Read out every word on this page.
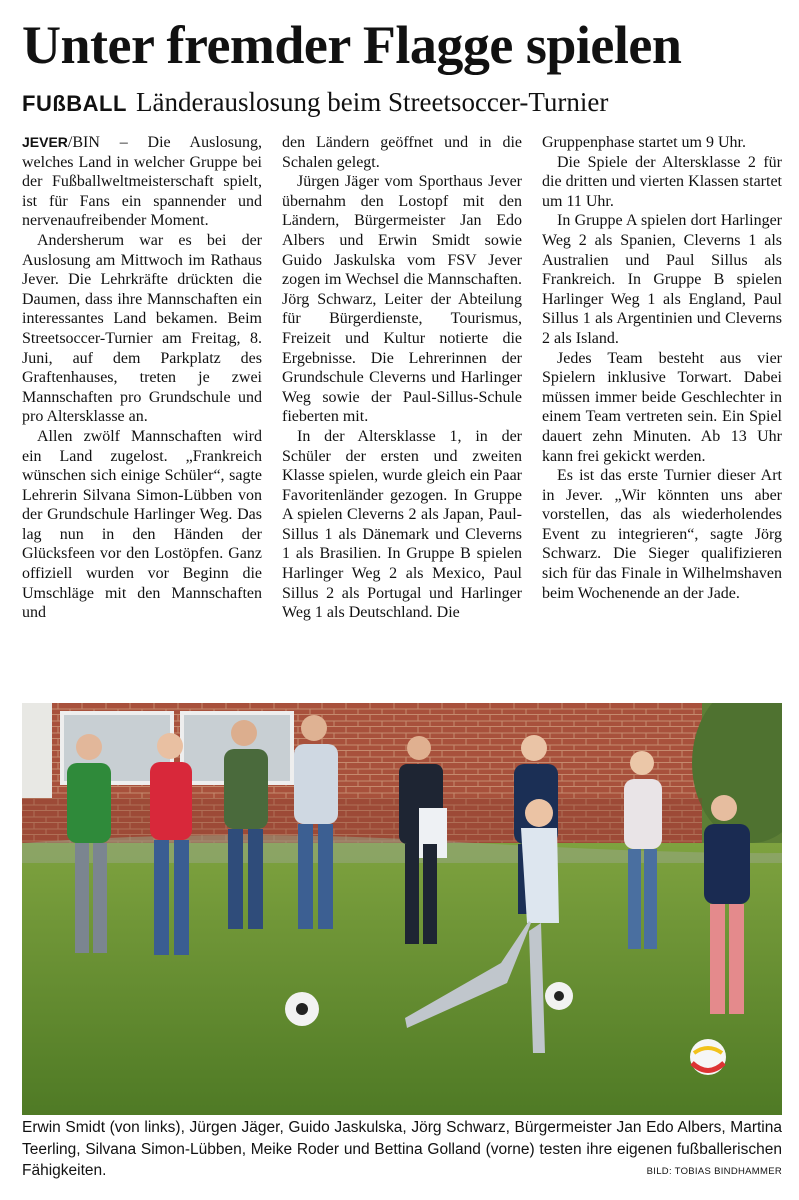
Unter fremder Flagge spielen
FUßBALL Länderauslosung beim Streetsoccer-Turnier

JEVER/BIN – Die Auslosung, welches Land in welcher Gruppe bei der Fußballweltmeisterschaft spielt, ist für Fans ein spannender und nervenaufreibender Moment.

Andersherum war es bei der Auslosung am Mittwoch im Rathaus Jever. Die Lehrkräfte drückten die Daumen, dass ihre Mannschaften ein interessantes Land bekamen. Beim Streetsoccer-Turnier am Freitag, 8. Juni, auf dem Parkplatz des Graftenhauses, treten je zwei Mannschaften pro Grundschule und pro Altersklasse an.

Allen zwölf Mannschaften wird ein Land zugelost. „Frankreich wünschen sich einige Schüler“, sagte Lehrerin Silvana Simon-Lübben von der Grundschule Harlinger Weg. Das lag nun in den Händen der Glücksfeen vor den Lostöpfen. Ganz offiziell wurden vor Beginn die Umschläge mit den Mannschaften und

den Ländern geöffnet und in die Schalen gelegt.

Jürgen Jäger vom Sporthaus Jever übernahm den Lostopf mit den Ländern, Bürgermeister Jan Edo Albers und Erwin Smidt sowie Guido Jaskulska vom FSV Jever zogen im Wechsel die Mannschaften. Jörg Schwarz, Leiter der Abteilung für Bürgerdienste, Tourismus, Freizeit und Kultur notierte die Ergebnisse. Die Lehrerinnen der Grundschule Cleverns und Harlinger Weg sowie der Paul-Sillus-Schule fieberten mit.

In der Altersklasse 1, in der Schüler der ersten und zweiten Klasse spielen, wurde gleich ein Paar Favoritenländer gezogen. In Gruppe A spielen Cleverns 2 als Japan, Paul-Sillus 1 als Dänemark und Cleverns 1 als Brasilien. In Gruppe B spielen Harlinger Weg 2 als Mexico, Paul Sillus 2 als Portugal und Harlinger Weg 1 als Deutschland. Die

Gruppenphase startet um 9 Uhr.

Die Spiele der Altersklasse 2 für die dritten und vierten Klassen startet um 11 Uhr.

In Gruppe A spielen dort Harlinger Weg 2 als Spanien, Cleverns 1 als Australien und Paul Sillus als Frankreich. In Gruppe B spielen Harlinger Weg 1 als England, Paul Sillus 1 als Argentinien und Cleverns 2 als Island.

Jedes Team besteht aus vier Spielern inklusive Torwart. Dabei müssen immer beide Geschlechter in einem Team vertreten sein. Ein Spiel dauert zehn Minuten. Ab 13 Uhr kann frei gekickt werden.

Es ist das erste Turnier dieser Art in Jever. „Wir könnten uns aber vorstellen, das als wiederholendes Event zu integrieren“, sagte Jörg Schwarz. Die Sieger qualifizieren sich für das Finale in Wilhelmshaven beim Wochenende an der Jade.

Erwin Smidt (von links), Jürgen Jäger, Guido Jaskulska, Jörg Schwarz, Bürgermeister Jan Edo Albers, Martina Teerling, Silvana Simon-Lübben, Meike Roder und Bettina Golland (vorne) testen ihre eigenen fußballerischen Fähigkeiten.	BILD: TOBIAS BINDHAMMER
